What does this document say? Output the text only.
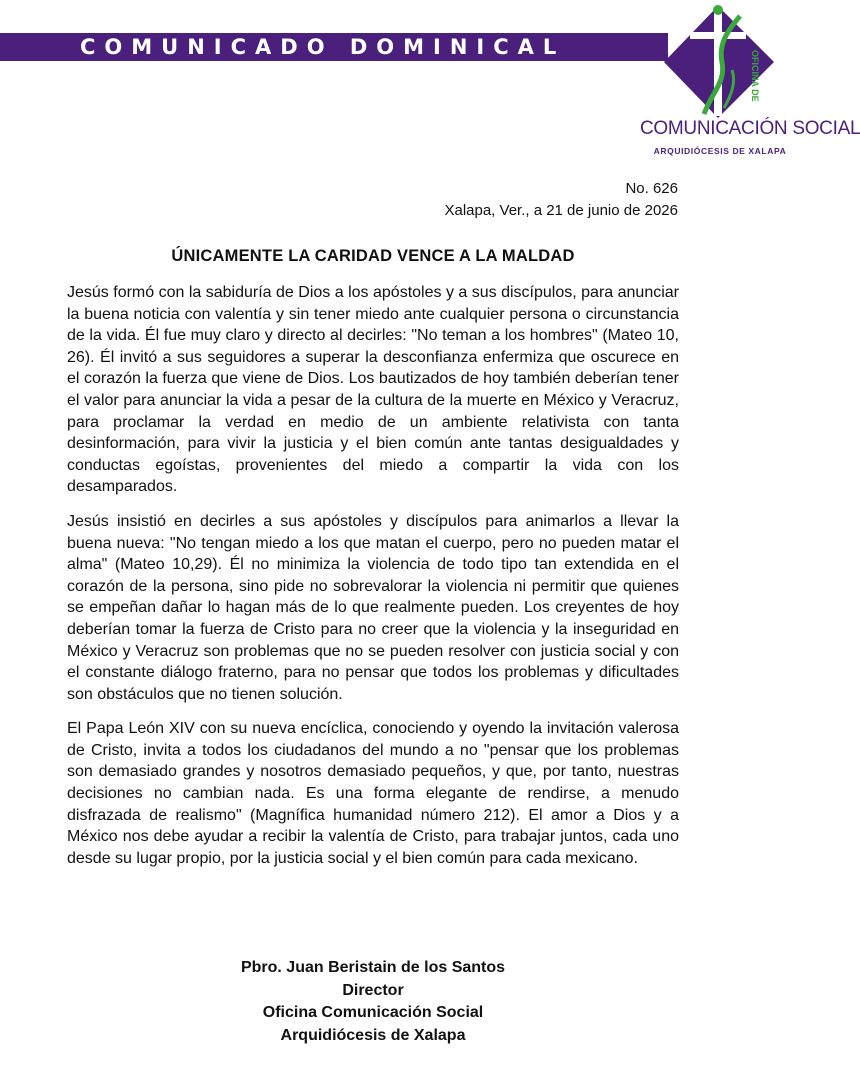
COMUNICADO DOMINICAL
OFICINA DE
COMUNICACIÓN SOCIAL
ARQUIDIÓCESIS DE XALAPA
No. 626
Xalapa, Ver., a 21 de junio de 2026
ÚNICAMENTE LA CARIDAD VENCE A LA MALDAD

Jesús formó con la sabiduría de Dios a los apóstoles y a sus discípulos, para anunciar la buena noticia con valentía y sin tener miedo ante cualquier persona o circunstancia de la vida. Él fue muy claro y directo al decirles: "No teman a los hombres" (Mateo 10, 26). Él invitó a sus seguidores a superar la desconfianza enfermiza que oscurece en el corazón la fuerza que viene de Dios. Los bautizados de hoy también deberían tener el valor para anunciar la vida a pesar de la cultura de la muerte en México y Veracruz, para proclamar la verdad en medio de un ambiente relativista con tanta desinformación, para vivir la justicia y el bien común ante tantas desigualdades y conductas egoístas, provenientes del miedo a compartir la vida con los desamparados.

Jesús insistió en decirles a sus apóstoles y discípulos para animarlos a llevar la buena nueva: "No tengan miedo a los que matan el cuerpo, pero no pueden matar el alma" (Mateo 10,29). Él no minimiza la violencia de todo tipo tan extendida en el corazón de la persona, sino pide no sobrevalorar la violencia ni permitir que quienes se empeñan dañar lo hagan más de lo que realmente pueden. Los creyentes de hoy deberían tomar la fuerza de Cristo para no creer que la violencia y la inseguridad en México y Veracruz son problemas que no se pueden resolver con justicia social y con el constante diálogo fraterno, para no pensar que todos los problemas y dificultades son obstáculos que no tienen solución.

El Papa León XIV con su nueva encíclica, conociendo y oyendo la invitación valerosa de Cristo, invita a todos los ciudadanos del mundo a no "pensar que los problemas son demasiado grandes y nosotros demasiado pequeños, y que, por tanto, nuestras decisiones no cambian nada. Es una forma elegante de rendirse, a menudo disfrazada de realismo" (Magnífica humanidad número 212). El amor a Dios y a México nos debe ayudar a recibir la valentía de Cristo, para trabajar juntos, cada uno desde su lugar propio, por la justicia social y el bien común para cada mexicano.

Pbro. Juan Beristain de los Santos
Director
Oficina Comunicación Social
Arquidiócesis de Xalapa
